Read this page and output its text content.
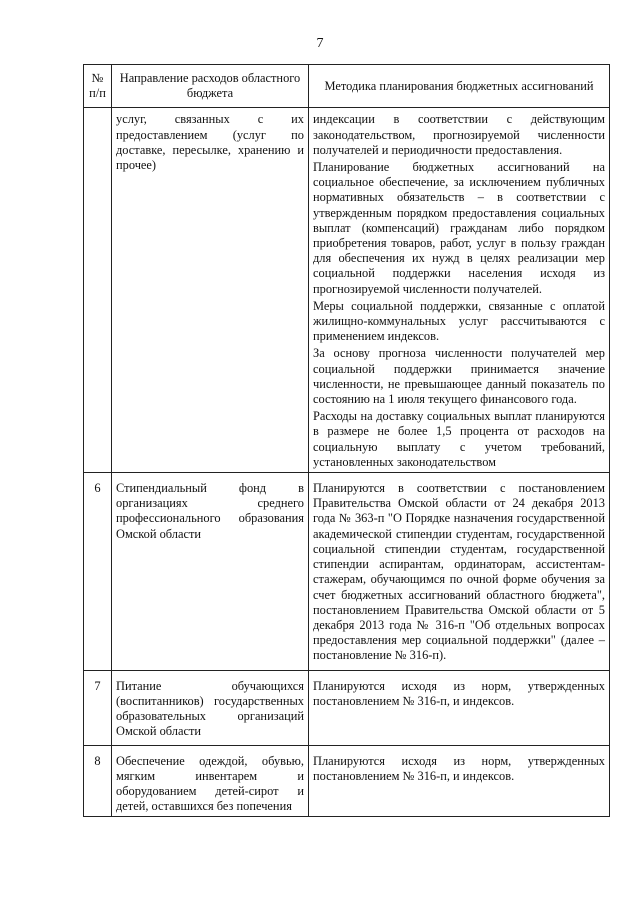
7
№ п/п	Направление расходов областного бюджета	Методика планирования бюджетных ассигнований
	услуг, связанных с их предоставлением (услуг по доставке, пересылке, хранению и прочее)	индексации в соответствии с действующим законодательством, прогнозируемой численности получателей и периодичности предоставления.

Планирование бюджетных ассигнований на социальное обеспечение, за исключением публичных нормативных обязательств – в соответствии с утвержденным порядком предоставления социальных выплат (компенсаций) гражданам либо порядком приобретения товаров, работ, услуг в пользу граждан для обеспечения их нужд в целях реализации мер социальной поддержки населения исходя из прогнозируемой численности получателей.

Меры социальной поддержки, связанные с оплатой жилищно-коммунальных услуг рассчитываются с применением индексов.

За основу прогноза численности получателей мер социальной поддержки принимается значение численности, не превышающее данный показатель по состоянию на 1 июля текущего финансового года.

Расходы на доставку социальных выплат планируются в размере не более 1,5 процента от расходов на социальную выплату с учетом требований, установленных законодательством

6	Стипендиальный фонд в организациях среднего профессионального образования Омской области	Планируются в соответствии с постановлением Правительства Омской области от 24 декабря 2013 года № 363-п "О Порядке назначения государственной академической стипендии студентам, государственной социальной стипендии студентам, государственной стипендии аспирантам, ординаторам, ассистентам-стажерам, обучающимся по очной форме обучения за счет бюджетных ассигнований областного бюджета", постановлением Правительства Омской области от 5 декабря 2013 года № 316-п "Об отдельных вопросах предоставления мер социальной поддержки" (далее – постановление № 316-п).

7	Питание обучающихся (воспитанников) государственных образовательных организаций Омской области	Планируются исходя из норм, утвержденных постановлением № 316-п, и индексов.

8	Обеспечение одеждой, обувью, мягким инвентарем и оборудованием детей-сирот и детей, оставшихся без попечения	Планируются исходя из норм, утвержденных постановлением № 316-п, и индексов.
